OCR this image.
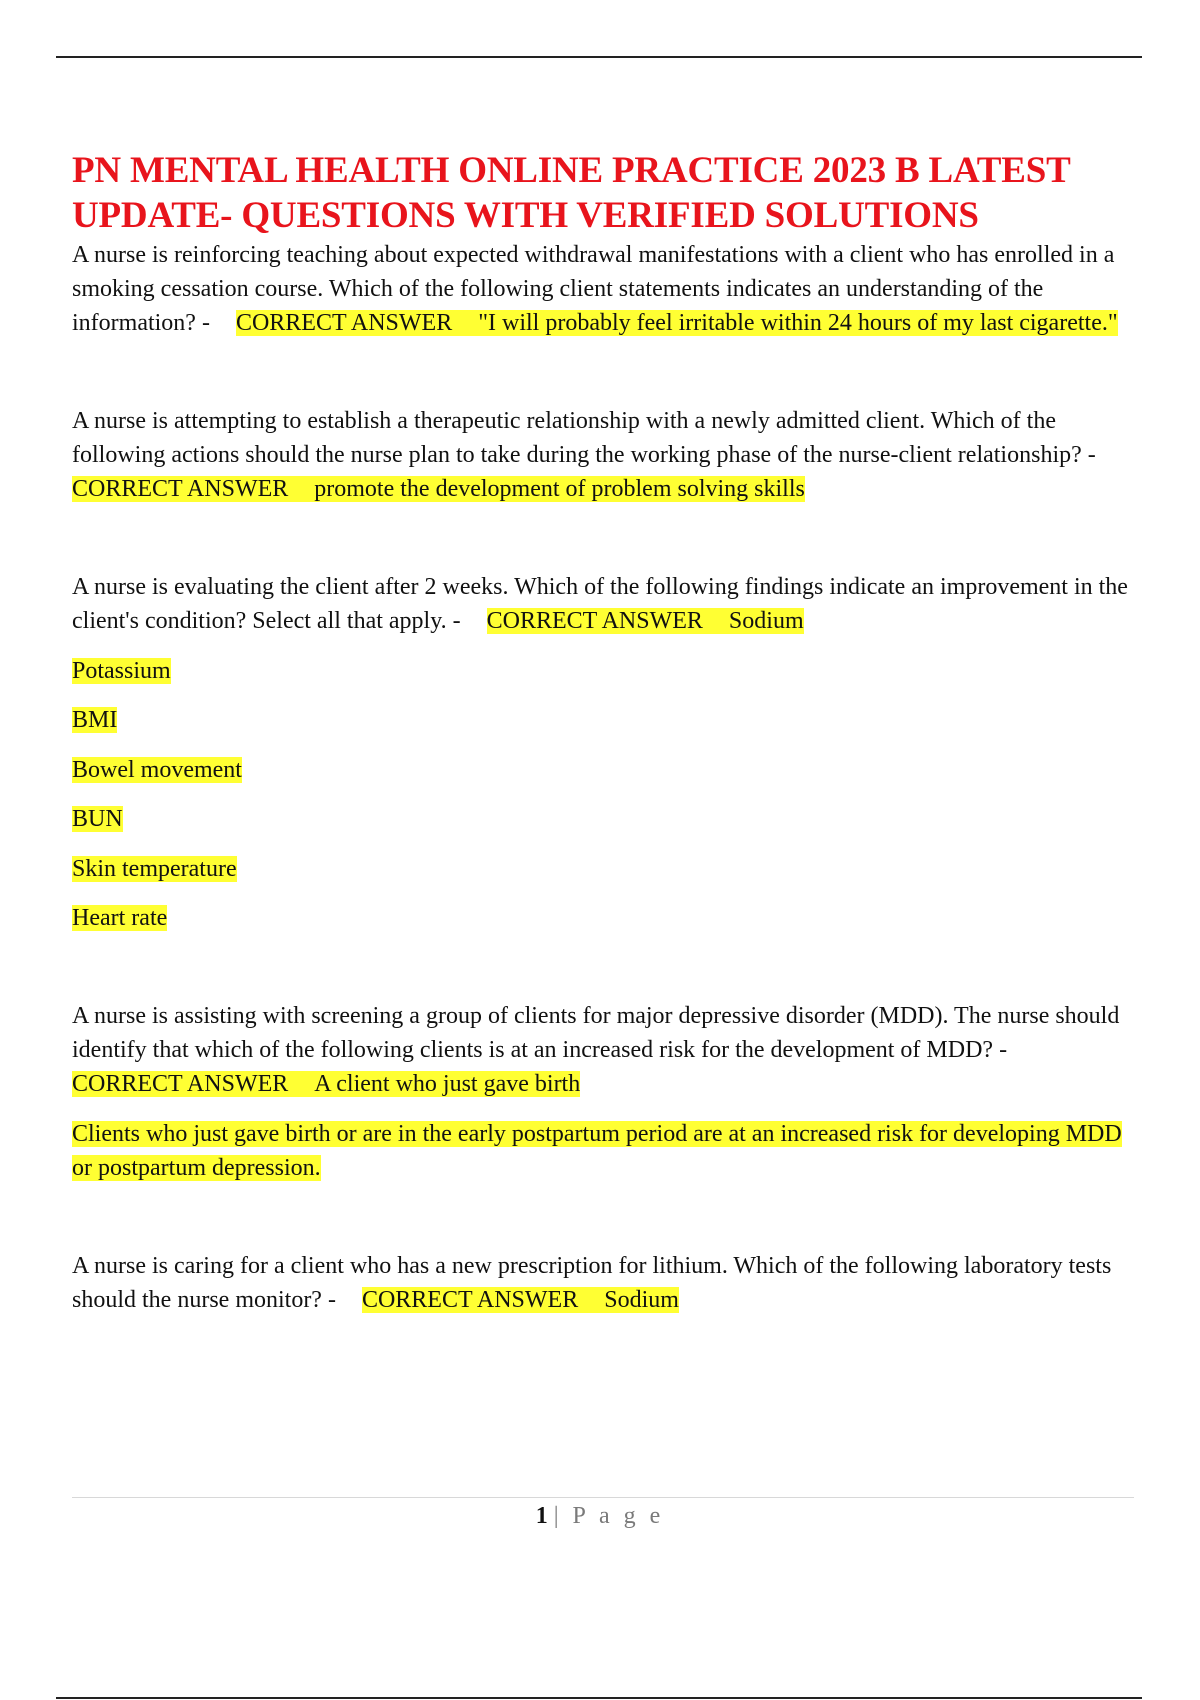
PN MENTAL HEALTH ONLINE PRACTICE 2023 B LATEST UPDATE- QUESTIONS WITH VERIFIED SOLUTIONS

A nurse is reinforcing teaching about expected withdrawal manifestations with a client who has enrolled in a smoking cessation course. Which of the following client statements indicates an understanding of the information? - CORRECT ANSWER "I will probably feel irritable within 24 hours of my last cigarette."

A nurse is attempting to establish a therapeutic relationship with a newly admitted client. Which of the following actions should the nurse plan to take during the working phase of the nurse-client relationship? -CORRECT ANSWER promote the development of problem solving skills

A nurse is evaluating the client after 2 weeks. Which of the following findings indicate an improvement in the client's condition? Select all that apply. - CORRECT ANSWER Sodium

Potassium

BMI

Bowel movement

BUN

Skin temperature

Heart rate

A nurse is assisting with screening a group of clients for major depressive disorder (MDD). The nurse should identify that which of the following clients is at an increased risk for the development of MDD? -CORRECT ANSWER A client who just gave birth

Clients who just gave birth or are in the early postpartum period are at an increased risk for developing MDD or postpartum depression.

A nurse is caring for a client who has a new prescription for lithium. Which of the following laboratory tests should the nurse monitor? - CORRECT ANSWER Sodium

1 | P a g e
